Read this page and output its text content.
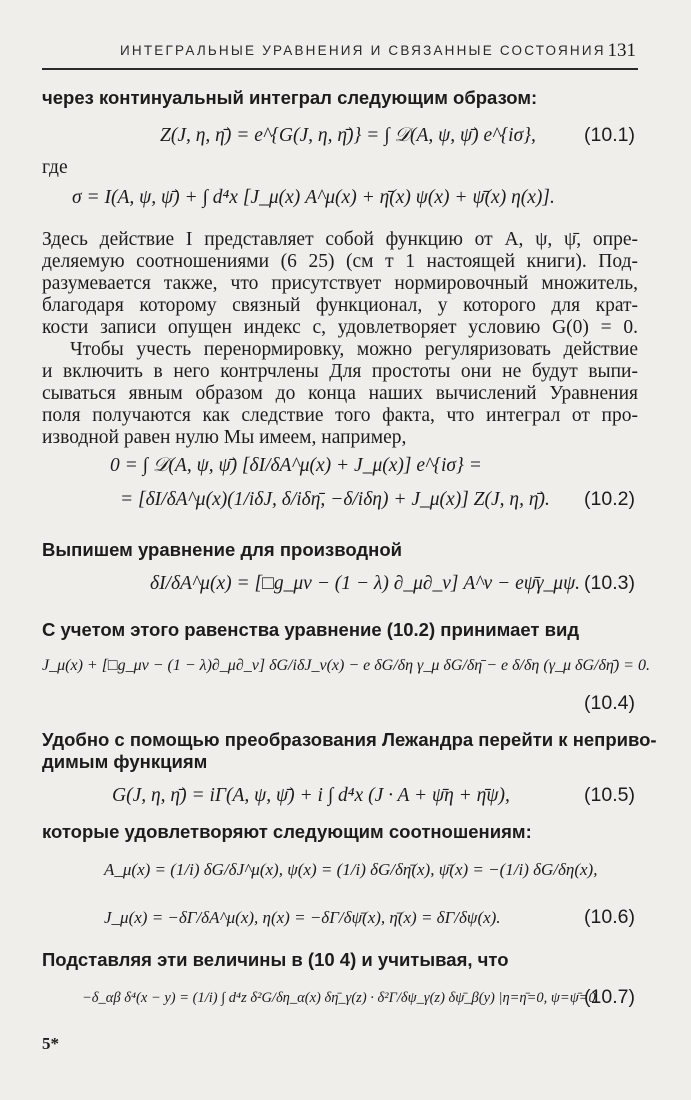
ИНТЕГРАЛЬНЫЕ УРАВНЕНИЯ И СВЯЗАННЫЕ СОСТОЯНИЯ 131
через континуальный интеграл следующим образом:
Z(J, η, η̄) = e^{G(J, η, η̄)} = ∫ 𝒟(A, ψ, ψ̄) e^{iσ}, (10.1)
где
σ = I(A, ψ, ψ̄) + ∫ d⁴x [J_μ(x) A^μ(x) + η̄(x) ψ(x) + ψ̄(x) η(x)].
Здесь действие I представляет собой функцию от A, ψ, ψ̄, опре-
деляемую соотношениями (6 25) (см т 1 настоящей книги). Под-
разумевается также, что присутствует нормировочный множитель,
благодаря которому связный функционал, у которого для крат-
кости записи опущен индекс c, удовлетворяет условию G(0) = 0.
Чтобы учесть перенормировку, можно регуляризовать действие
и включить в него контрчлены Для простоты они не будут выпи-
сываться явным образом до конца наших вычислений Уравнения
поля получаются как следствие того факта, что интеграл от про-
изводной равен нулю Мы имеем, например,
0 = ∫ 𝒟(A, ψ, ψ̄) [δI/δA^μ(x) + J_μ(x)] e^{iσ} =
= [δI/δA^μ(x)(1/iδJ, δ/iδη̄, −δ/iδη) + J_μ(x)] Z(J, η, η̄). (10.2)
Выпишем уравнение для производной
δI/δA^μ(x) = [□g_μν − (1 − λ) ∂_μ∂_ν] A^ν − eψ̄γ_μψ. (10.3)
С учетом этого равенства уравнение (10.2) принимает вид
J_μ(x) + [□g_μν − (1 − λ)∂_μ∂_ν] δG/iδJ_ν(x) − e δG/δη γ_μ δG/δη̄ − e δ/δη (γ_μ δG/δη̄) = 0.
(10.4)
Удобно с помощью преобразования Лежандра перейти к неприво-
димым функциям
G(J, η, η̄) = iΓ(A, ψ, ψ̄) + i ∫ d⁴x (J · A + ψ̄η + η̄ψ),	(10.5)
которые удовлетворяют следующим соотношениям:
A_μ(x) = (1/i) δG/δJ^μ(x), ψ(x) = (1/i) δG/δη̄(x), ψ̄(x) = −(1/i) δG/δη(x),
J_μ(x) = −δΓ/δA^μ(x), η(x) = −δΓ/δψ̄(x), η̄(x) = δΓ/δψ(x).	(10.6)
Подставляя эти величины в (10 4) и учитывая, что
−δ_αβ δ⁴(x − y) = (1/i) ∫ d⁴z δ²G/δη_α(x) δη̄_γ(z) · δ²Γ/δψ_γ(z) δψ̄_β(y) |η=η̄=0, ψ=ψ̄=0
(10.7)
5*
